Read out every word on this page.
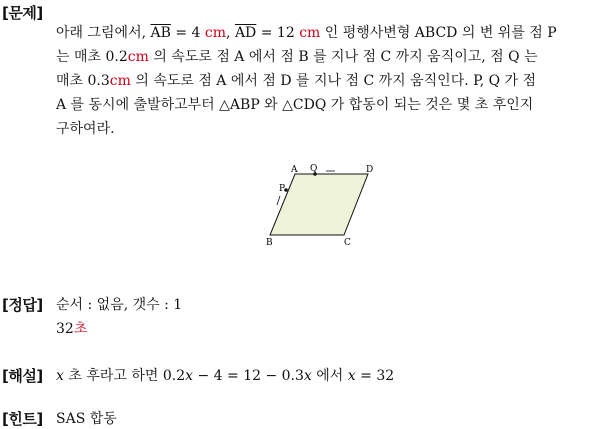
[문제]
아래 그림에서, $\overline{AB} = 4$ cm, $\overline{AD} = 12$ cm 인 평행사변형 ABCD 의 변 위를 점 P
는 매초 0.2cm 의 속도로 점 A 에서 점 B 를 지나 점 C 까지 움직이고, 점 Q 는
매초 0.3cm 의 속도로 점 A 에서 점 D 를 지나 점 C 까지 움직인다. P, Q 가 점
A 를 동시에 출발하고부터 △ABP 와 △CDQ 가 합동이 되는 것은 몇 초 후인지
구하여라.
A Q	D
P
B	C
[정답] 순서 : 없음, 갯수 : 1
32초
[해설] x 초 후라고 하면 0.2x − 4 = 12 − 0.3x 에서 x = 32
[힌트] SAS 합동
